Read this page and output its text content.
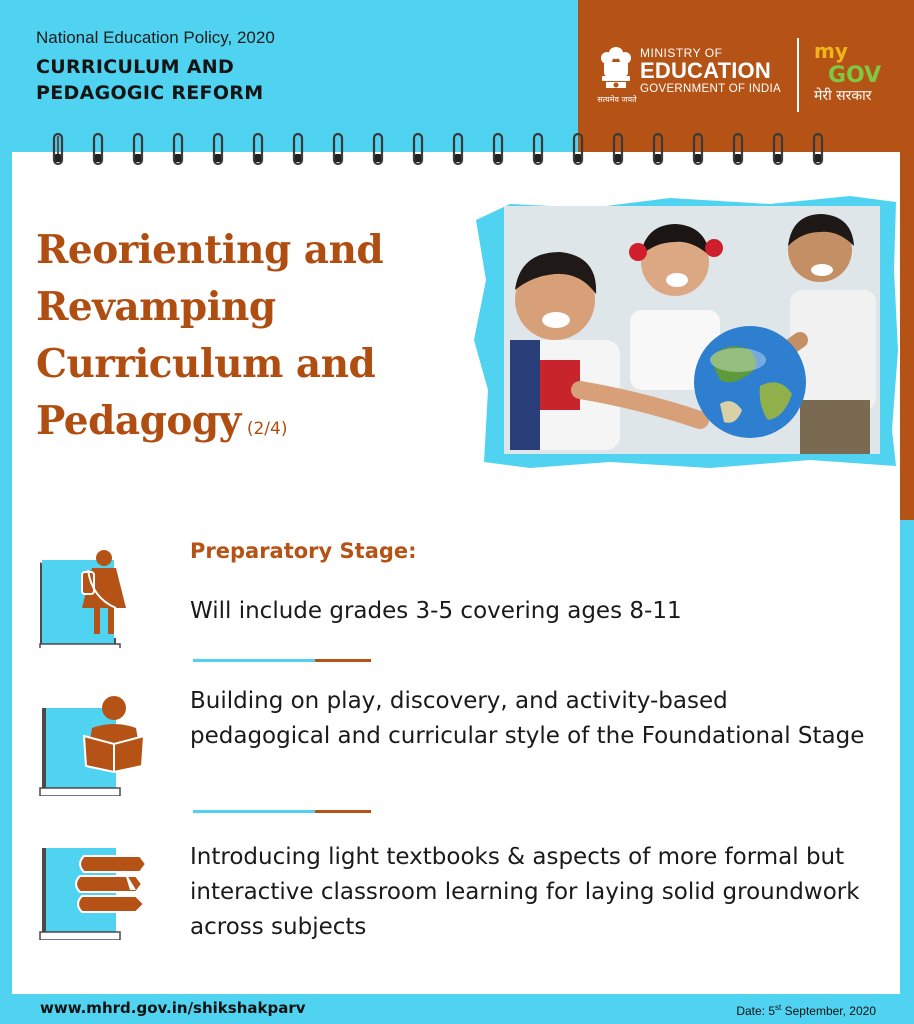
National Education Policy, 2020
CURRICULUM AND
PEDAGOGIC REFORM	सत्यमेव जयते
MINISTRY OF
EDUCATION
GOVERNMENT OF INDIA
my
GOV
मेरी सरकार
Reorienting and
Revamping
Curriculum and
Pedagogy (2/4)
Preparatory Stage:
Will include grades 3-5 covering ages 8-11
Building on play, discovery, and activity-based pedagogical and curricular style of the Foundational Stage
Introducing light textbooks & aspects of more formal but interactive classroom learning for laying solid groundwork across subjects
www.mhrd.gov.in/shikshakparv	Date: 5st September, 2020
